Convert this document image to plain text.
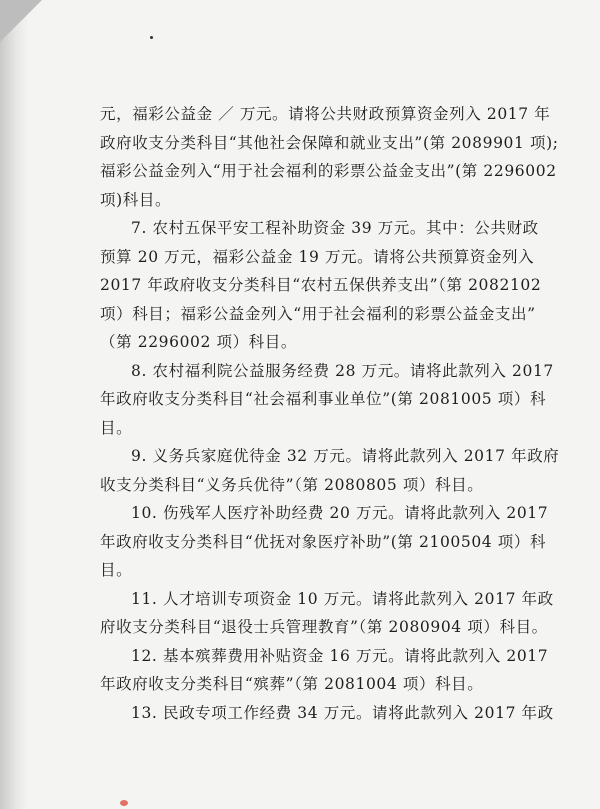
元，福彩公益金 ／ 万元。请将公共财政预算资金列入 2017 年
政府收支分类科目“其他社会保障和就业支出”(第 2089901 项);
福彩公益金列入“用于社会福利的彩票公益金支出”(第 2296002
项)科目。
7. 农村五保平安工程补助资金 39 万元。其中：公共财政
预算 20 万元，福彩公益金 19 万元。请将公共预算资金列入
2017 年政府收支分类科目“农村五保供养支出”（第 2082102
项）科目；福彩公益金列入“用于社会福利的彩票公益金支出”
（第 2296002 项）科目。
8. 农村福利院公益服务经费 28 万元。请将此款列入 2017
年政府收支分类科目“社会福利事业单位”(第 2081005 项）科
目。
9. 义务兵家庭优待金 32 万元。请将此款列入 2017 年政府
收支分类科目“义务兵优待”（第 2080805 项）科目。
10. 伤残军人医疗补助经费 20 万元。请将此款列入 2017
年政府收支分类科目“优抚对象医疗补助”(第 2100504 项）科
目。
11. 人才培训专项资金 10 万元。请将此款列入 2017 年政
府收支分类科目“退役士兵管理教育”（第 2080904 项）科目。
12. 基本殡葬费用补贴资金 16 万元。请将此款列入 2017
年政府收支分类科目“殡葬”（第 2081004 项）科目。
13. 民政专项工作经费 34 万元。请将此款列入 2017 年政
